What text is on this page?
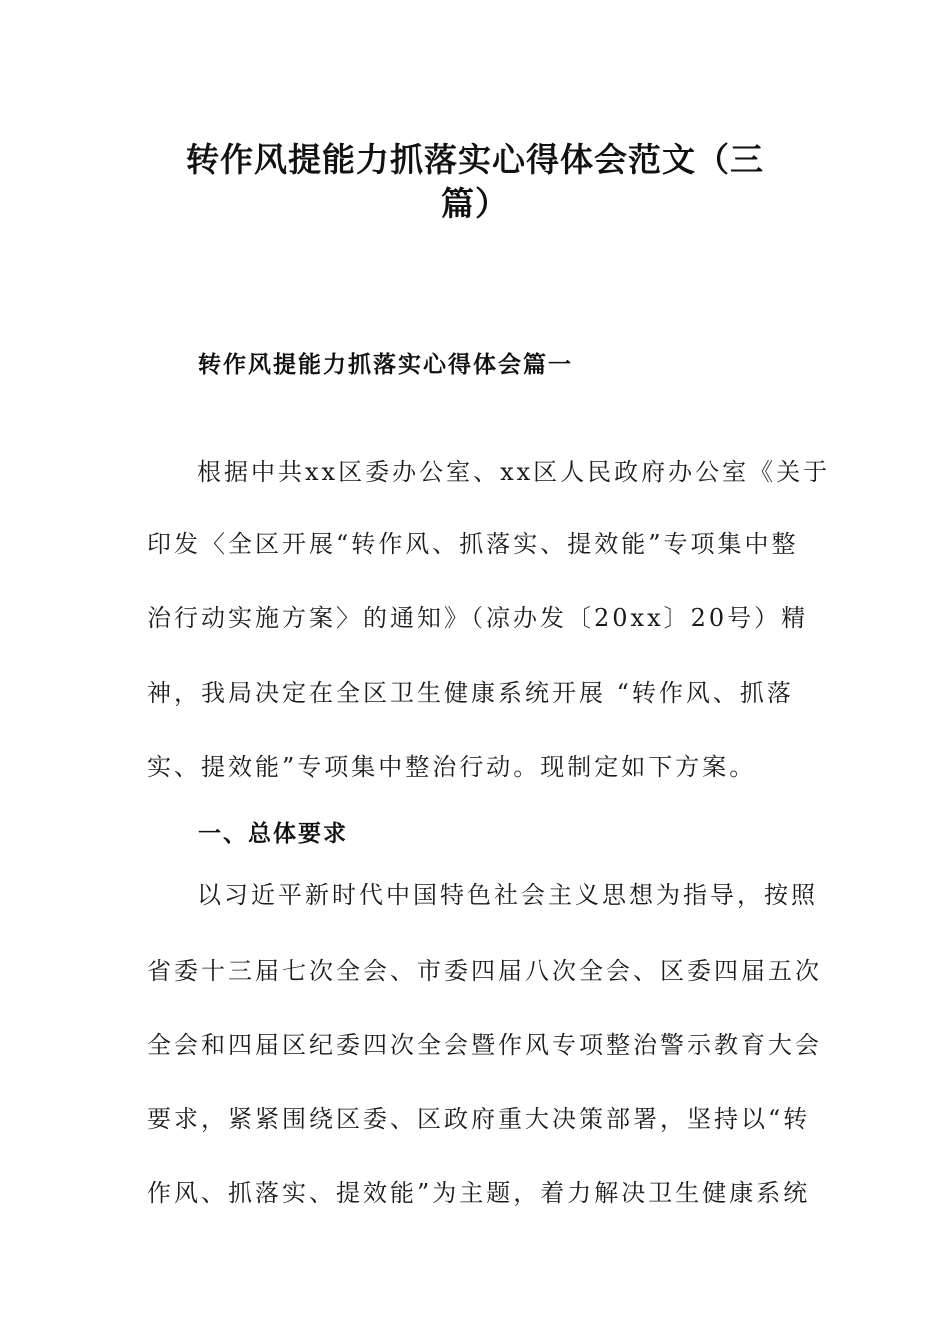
转作风提能力抓落实心得体会范文（三
篇）
转作风提能力抓落实心得体会篇一
根据中共xx区委办公室、xx区人民政府办公室《关于
印发〈全区开展“转作风、抓落实、提效能”专项集中整
治行动实施方案〉的通知》（凉办发〔20xx〕20号）精
神，我局决定在全区卫生健康系统开展 “转作风、抓落
实、提效能”专项集中整治行动。现制定如下方案。
一、总体要求
以习近平新时代中国特色社会主义思想为指导，按照
省委十三届七次全会、市委四届八次全会、区委四届五次
全会和四届区纪委四次全会暨作风专项整治警示教育大会
要求，紧紧围绕区委、区政府重大决策部署，坚持以“转
作风、抓落实、提效能”为主题，着力解决卫生健康系统
